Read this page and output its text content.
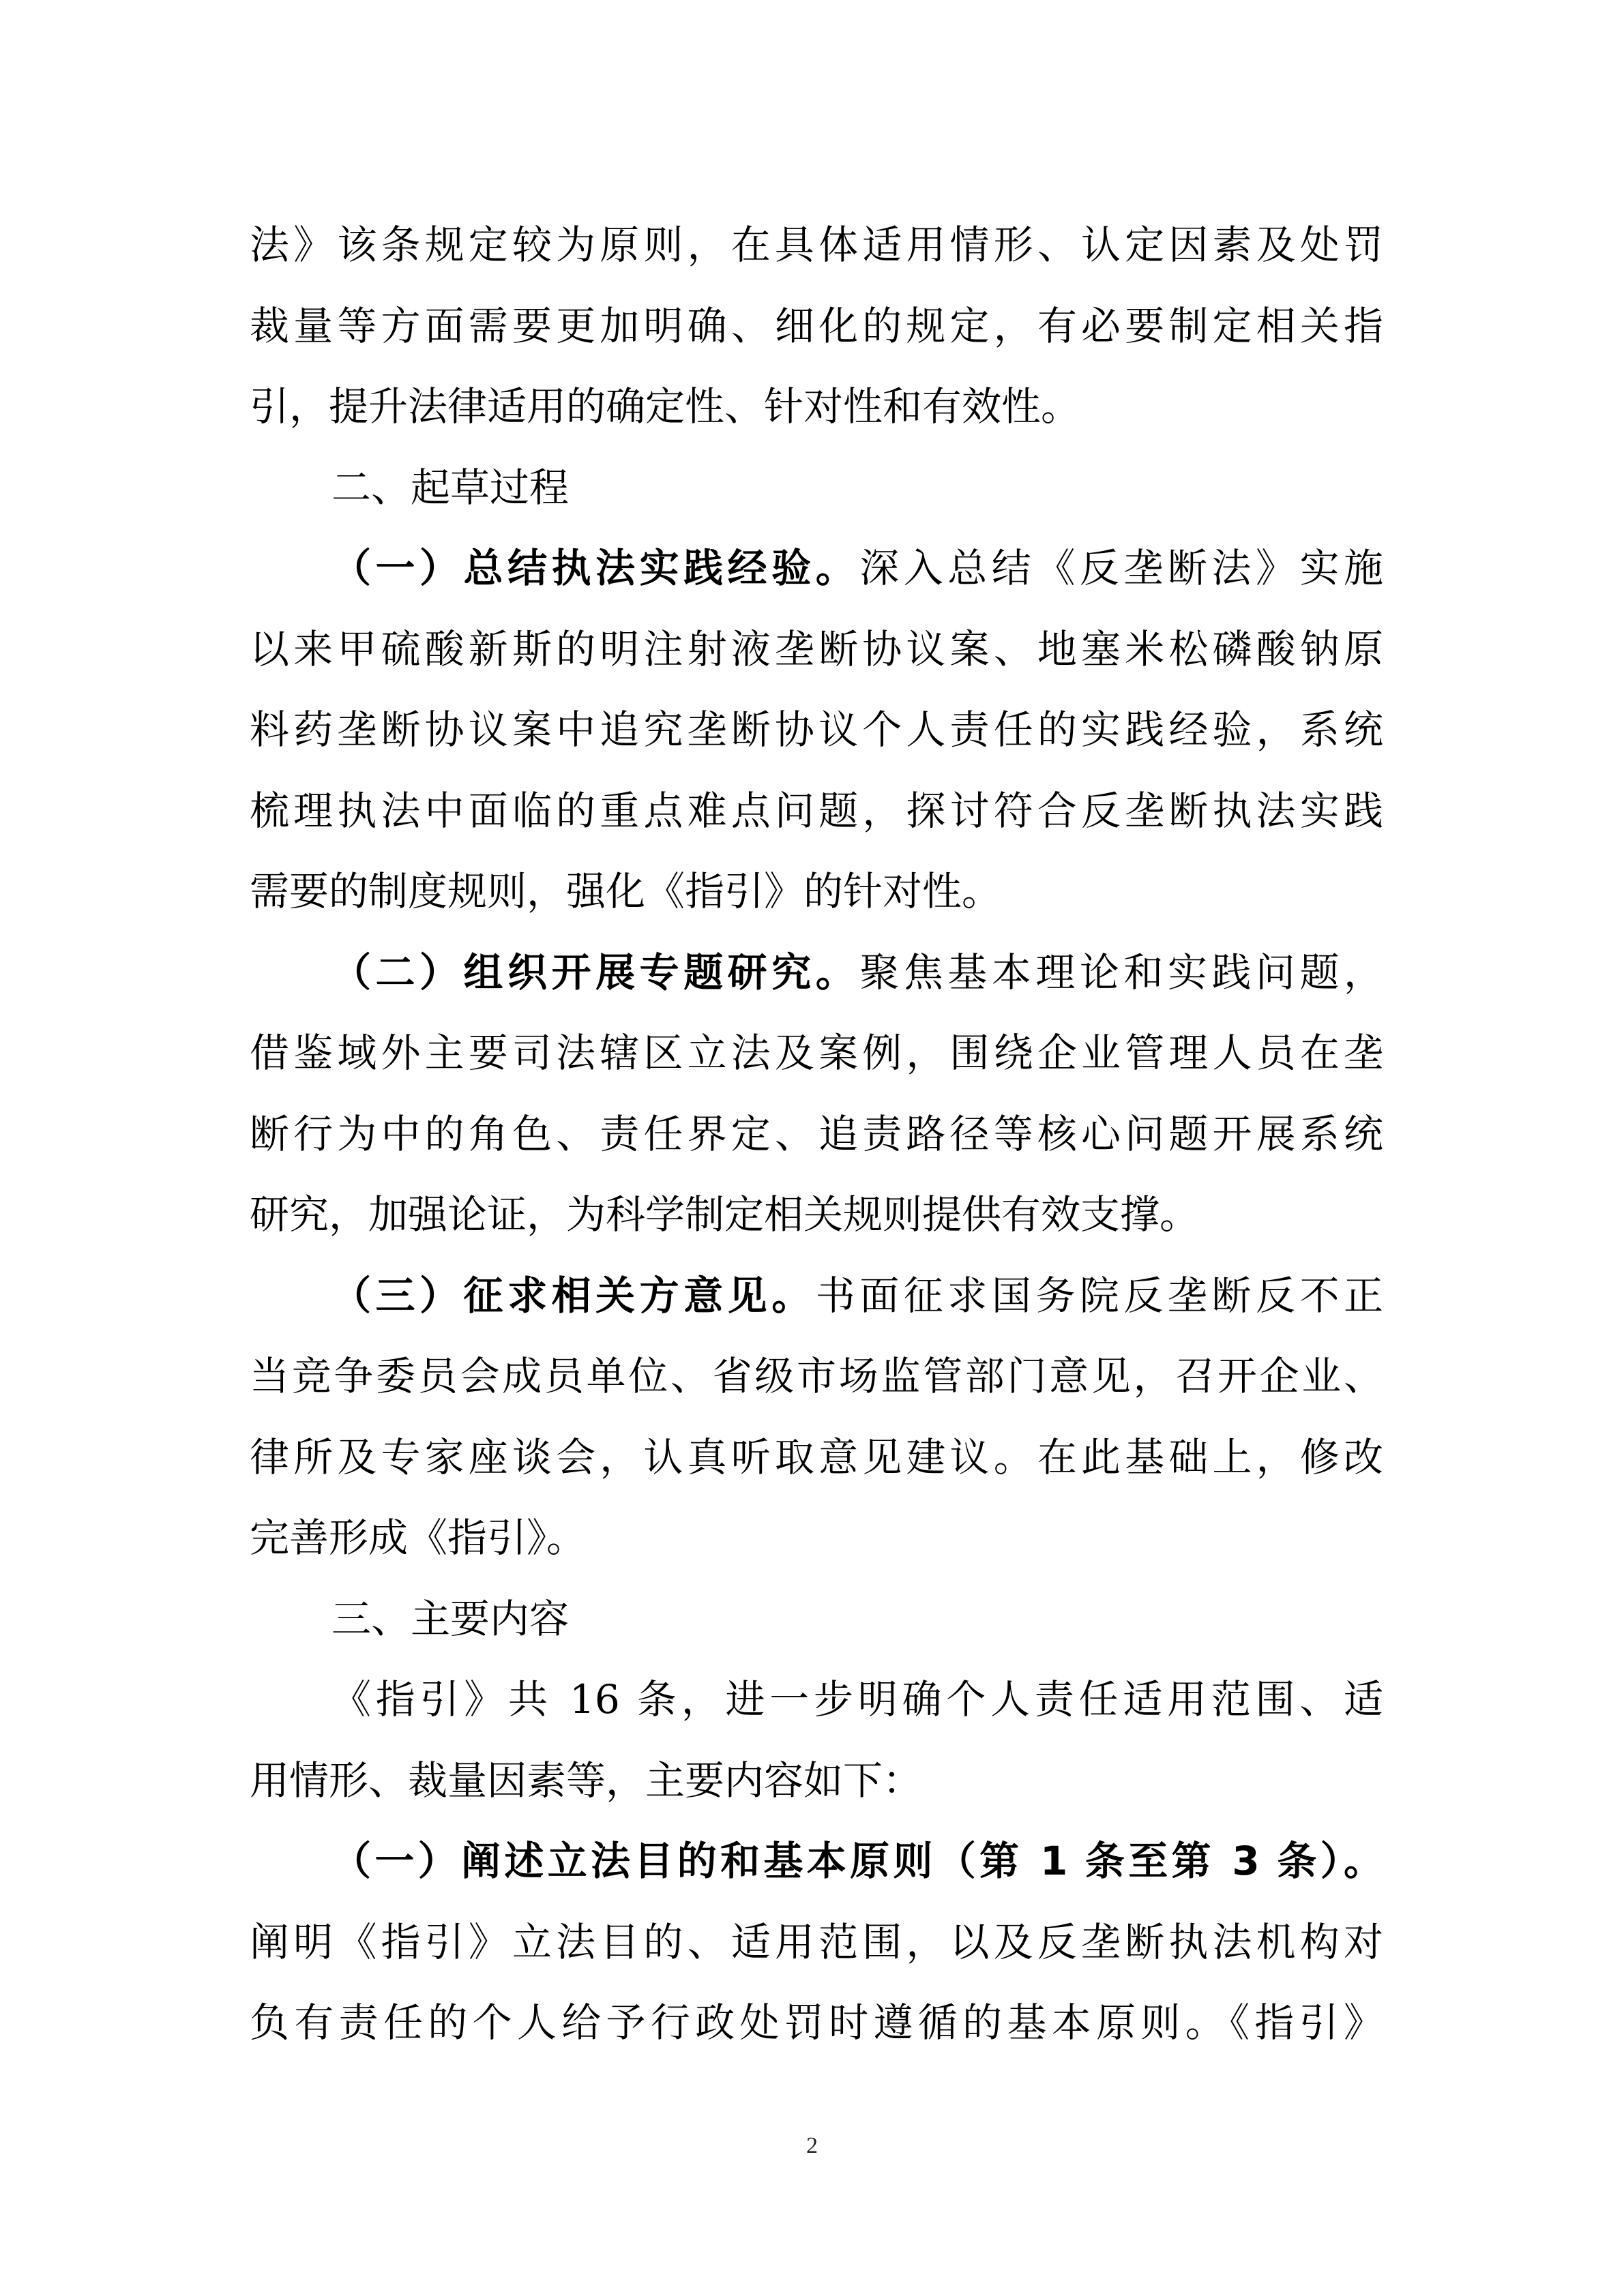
法》该条规定较为原则，在具体适用情形、认定因素及处罚
裁量等方面需要更加明确、细化的规定，有必要制定相关指
引，提升法律适用的确定性、针对性和有效性。
二、起草过程
（一）总结执法实践经验。深入总结《反垄断法》实施
以来甲硫酸新斯的明注射液垄断协议案、地塞米松磷酸钠原
料药垄断协议案中追究垄断协议个人责任的实践经验，系统
梳理执法中面临的重点难点问题，探讨符合反垄断执法实践
需要的制度规则，强化《指引》的针对性。
（二）组织开展专题研究。聚焦基本理论和实践问题，
借鉴域外主要司法辖区立法及案例，围绕企业管理人员在垄
断行为中的角色、责任界定、追责路径等核心问题开展系统
研究，加强论证，为科学制定相关规则提供有效支撑。
（三）征求相关方意见。书面征求国务院反垄断反不正
当竞争委员会成员单位、省级市场监管部门意见，召开企业、
律所及专家座谈会，认真听取意见建议。在此基础上，修改
完善形成《指引》。
三、主要内容
《指引》共 16 条，进一步明确个人责任适用范围、适
用情形、裁量因素等，主要内容如下：
（一）阐述立法目的和基本原则（第 1 条至第 3 条）。
阐明《指引》立法目的、适用范围，以及反垄断执法机构对
负有责任的个人给予行政处罚时遵循的基本原则。《指引》
2
